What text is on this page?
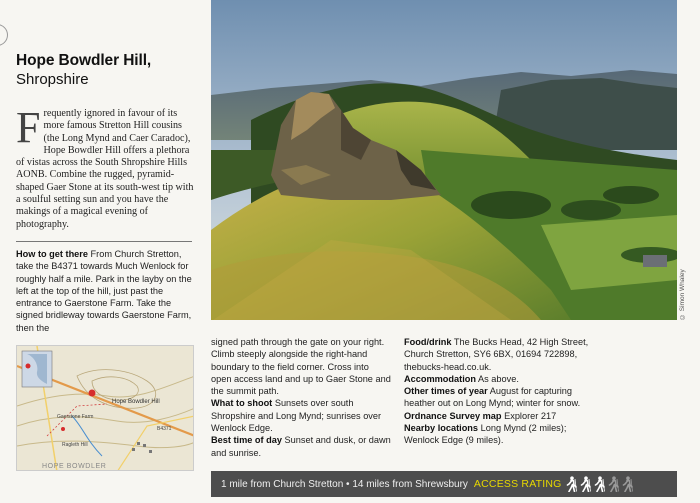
Hope Bowdler Hill,
Shropshire
Frequently ignored in favour of its more famous Stretton Hill cousins (the Long Mynd and Caer Caradoc), Hope Bowdler Hill offers a plethora of vistas across the South Shropshire Hills AONB. Combine the rugged, pyramid-shaped Gaer Stone at its south-west tip with a soulful setting sun and you have the makings of a magical evening of photography.
How to get there From Church Stretton, take the B4371 towards Much Wenlock for roughly half a mile. Park in the layby on the left at the top of the hill, just past the entrance to Gaerstone Farm. Take the signed bridleway towards Gaerstone Farm, then the
© Simon Whaley
Hope Bowdler Hill
HOPE BOWDLER
B4371
Gaerstone Farm
Ragleth Hill

signed path through the gate on your right. Climb steeply alongside the right-hand boundary to the field corner. Cross into open access land and up to Gaer Stone and the summit path.

What to shoot Sunsets over south Shropshire and Long Mynd; sunrises over Wenlock Edge.

Best time of day Sunset and dusk, or dawn and sunrise.

Food/drink The Bucks Head, 42 High Street, Church Stretton, SY6 6BX, 01694 722898, thebucks-head.co.uk.

Accommodation As above.

Other times of year August for capturing heather out on Long Mynd; winter for snow.

Ordnance Survey map Explorer 217

Nearby locations Long Mynd (2 miles); Wenlock Edge (9 miles).

1 mile from Church Stretton • 14 miles from Shrewsbury ACCESS RATING
